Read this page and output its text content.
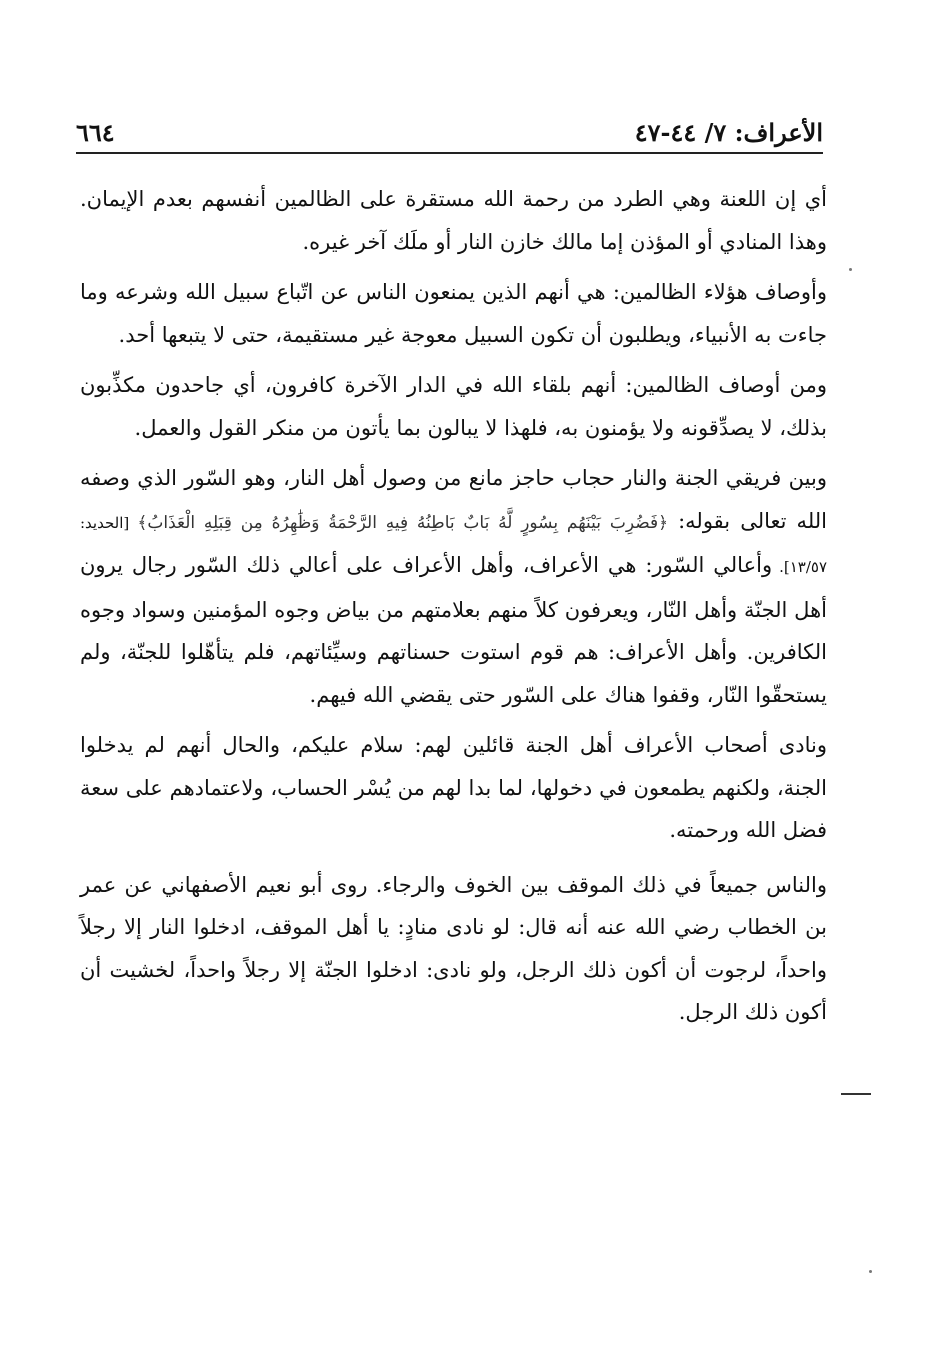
الأعراف: ٧/ ٤٤-٤٧
٦٦٤

أي إن اللعنة وهي الطرد من رحمة الله مستقرة على الظالمين أنفسهم بعدم الإيمان. وهذا المنادي أو المؤذن إما مالك خازن النار أو ملَك آخر غيره.

وأوصاف هؤلاء الظالمين: هي أنهم الذين يمنعون الناس عن اتّباع سبيل الله وشرعه وما جاءت به الأنبياء، ويطلبون أن تكون السبيل معوجة غير مستقيمة، حتى لا يتبعها أحد.

ومن أوصاف الظالمين: أنهم بلقاء الله في الدار الآخرة كافرون، أي جاحدون مكذِّبون بذلك، لا يصدِّقونه ولا يؤمنون به، فلهذا لا يبالون بما يأتون من منكر القول والعمل.

وبين فريقي الجنة والنار حجاب حاجز مانع من وصول أهل النار، وهو السّور الذي وصفه الله تعالى بقوله: ﴿فَضُرِبَ بَيْنَهُم بِسُورٍ لَّهُ بَابٌ بَاطِنُهُ فِيهِ الرَّحْمَةُ وَظَٰهِرُهُ مِن قِبَلِهِ الْعَذَابُ﴾ [الحديد: ١٣/٥٧]. وأعالي السّور: هي الأعراف، وأهل الأعراف على أعالي ذلك السّور رجال يرون أهل الجنّة وأهل النّار، ويعرفون كلاً منهم بعلامتهم من بياض وجوه المؤمنين وسواد وجوه الكافرين. وأهل الأعراف: هم قوم استوت حسناتهم وسيِّئاتهم، فلم يتأهّلوا للجنّة، ولم يستحقّوا النّار، وقفوا هناك على السّور حتى يقضي الله فيهم.

ونادى أصحاب الأعراف أهل الجنة قائلين لهم: سلام عليكم، والحال أنهم لم يدخلوا الجنة، ولكنهم يطمعون في دخولها، لما بدا لهم من يُسْر الحساب، ولاعتمادهم على سعة فضل الله ورحمته.

والناس جميعاً في ذلك الموقف بين الخوف والرجاء. روى أبو نعيم الأصفهاني عن عمر بن الخطاب رضي الله عنه أنه قال: لو نادى منادٍ: يا أهل الموقف، ادخلوا النار إلا رجلاً واحداً، لرجوت أن أكون ذلك الرجل، ولو نادى: ادخلوا الجنّة إلا رجلاً واحداً، لخشيت أن أكون ذلك الرجل.
